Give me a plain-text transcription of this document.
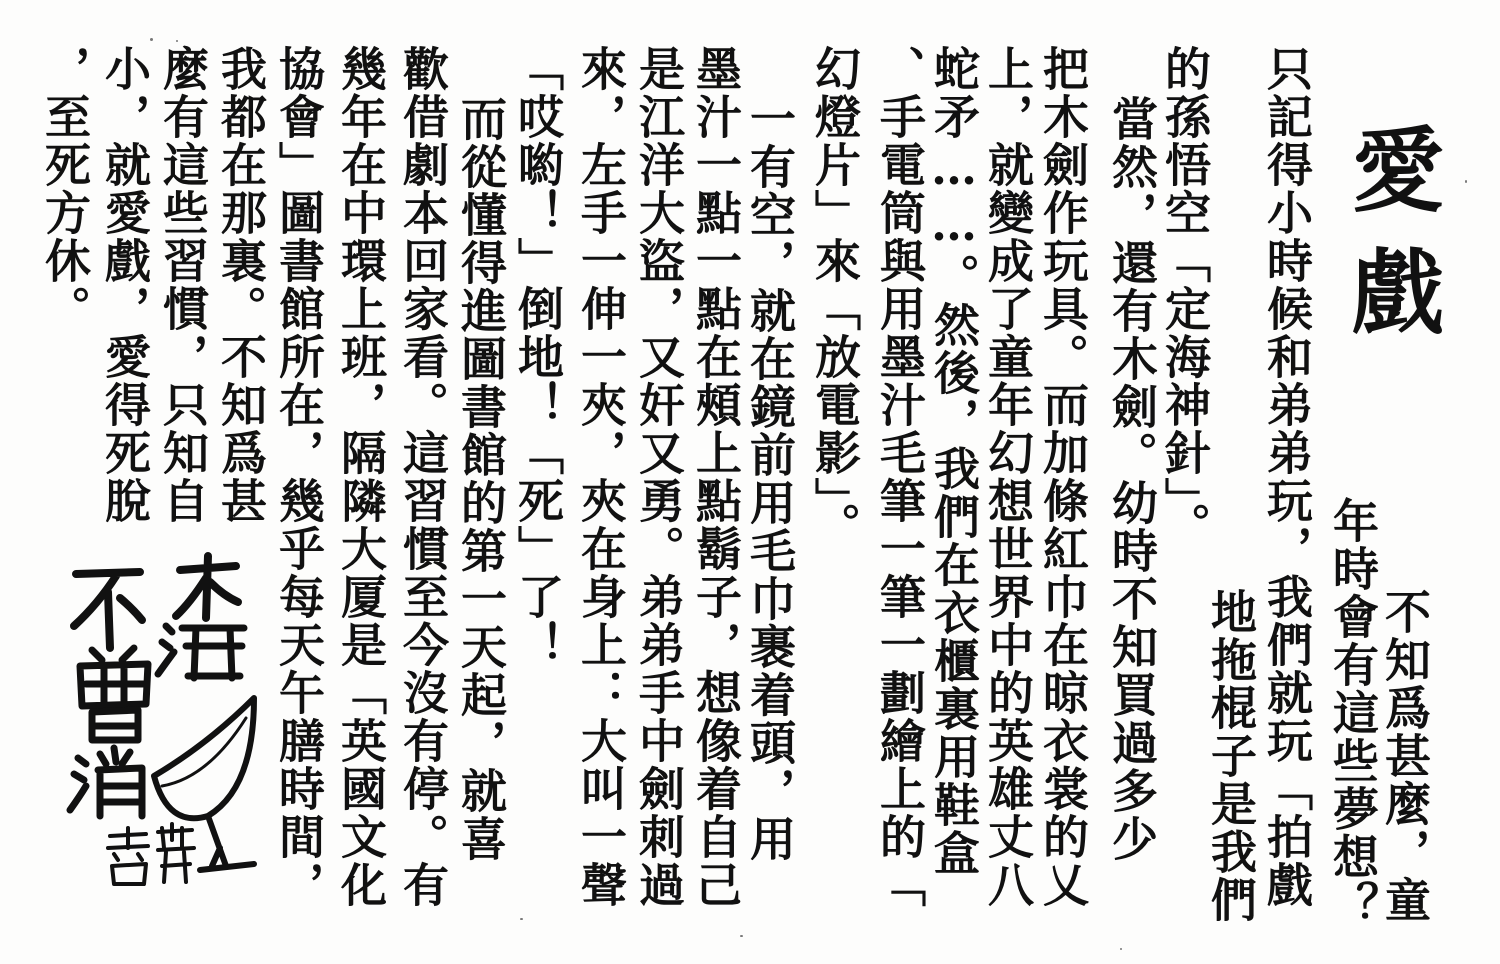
愛戲
不知爲甚麼，童
年時會有這些夢想？
地拖棍子是我們
的孫悟空「定海神針」。 只記得小時候和弟弟玩，我們就玩「拍戲
當然，還有木劍。幼時不知買過多少
把木劍作玩具。而加條紅巾在晾衣裳的乂
上，就變成了童年幻想世界中的英雄丈八
蛇矛……。然後，我們在衣櫃裏用鞋盒
、手電筒與用墨汁毛筆一筆一劃繪上的「
幻燈片」來「放電影」。
一有空，就在鏡前用毛巾裹着頭，用
墨汁一點一點在頰上點鬍子，想像着自己
是江洋大盜，又奸又勇。弟弟手中劍刺過
來，左手一伸一夾，夾在身上：大叫一聲
「哎喲！」倒地！「死」了！
而從懂得進圖書館的第一天起，就喜
歡借劇本回家看。這習慣至今沒有停。有
幾年在中環上班，隔隣大厦是「英國文化
協會」圖書館所在，幾乎每天午膳時間，
我都在那裏。不知爲甚
麼有這些習慣，只知自
小，就愛戲，愛得死脫
，至死方休。
